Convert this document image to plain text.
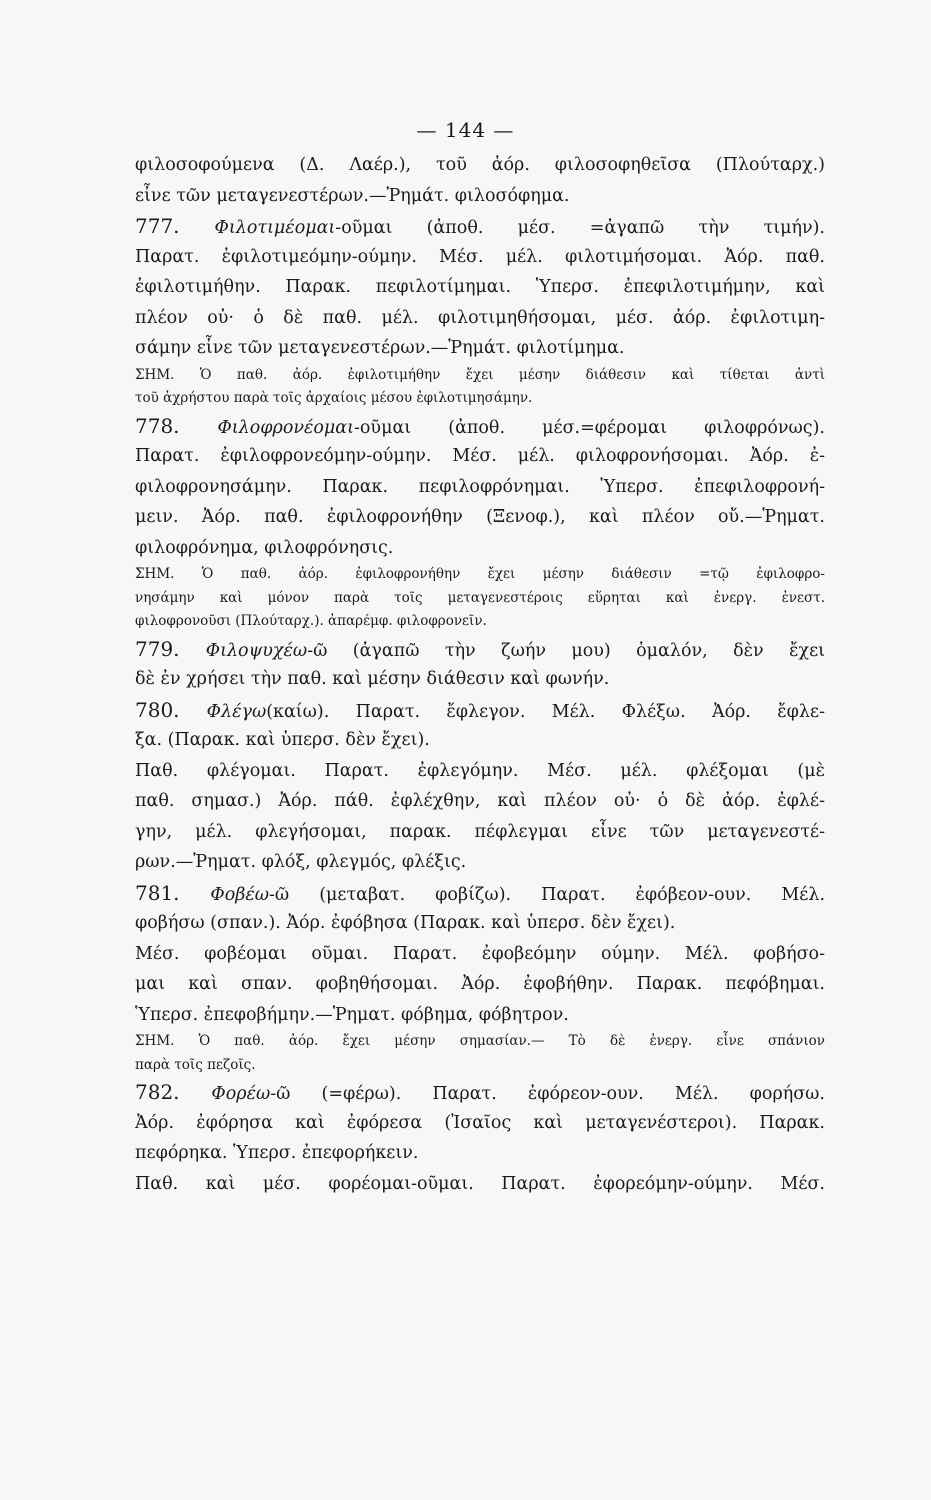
— 144 —
φιλοσοφούμενα (Δ. Λαέρ.), τοῦ ἀόρ. φιλοσοφηθεῖσα (Πλούταρχ.)
εἶνε τῶν μεταγενεστέρων.—Ῥημάτ. φιλοσόφημα.
777. Φιλοτιμέομαι-οῦμαι (ἀποθ. μέσ. =ἀγαπῶ τὴν τιμήν).
Παρατ. ἐφιλοτιμεόμην-ούμην. Μέσ. μέλ. φιλοτιμήσομαι. Ἀόρ. παθ.
ἐφιλοτιμήθην. Παρακ. πεφιλοτίμημαι. Ὑπερσ. ἐπεφιλοτιμήμην, καὶ
πλέον οὐ· ὁ δὲ παθ. μέλ. φιλοτιμηθήσομαι, μέσ. ἀόρ. ἐφιλοτιμη-
σάμην εἶνε τῶν μεταγενεστέρων.—Ῥημάτ. φιλοτίμημα.
ΣΗΜ. Ὁ παθ. ἀόρ. ἐφιλοτιμήθην ἔχει μέσην διάθεσιν καὶ τίθεται ἀντὶ
τοῦ ἀχρήστου παρὰ τοῖς ἀρχαίοις μέσου ἐφιλοτιμησάμην.
778. Φιλοφρονέομαι-οῦμαι (ἀποθ. μέσ.=φέρομαι φιλοφρόνως).
Παρατ. ἐφιλοφρονεόμην-ούμην. Μέσ. μέλ. φιλοφρονήσομαι. Ἀόρ. ἐ-
φιλοφρονησάμην. Παρακ. πεφιλοφρόνημαι. Ὑπερσ. ἐπεφιλοφρονή-
μειν. Ἀόρ. παθ. ἐφιλοφρονήθην (Ξενοφ.), καὶ πλέον οὔ.—Ῥηματ.
φιλοφρόνημα, φιλοφρόνησις.
ΣΗΜ. Ὁ παθ. ἀόρ. ἐφιλοφρονήθην ἔχει μέσην διάθεσιν =τῷ ἐφιλοφρο-
νησάμην καὶ μόνον παρὰ τοῖς μεταγενεστέροις εὕρηται καὶ ἐνεργ. ἐνεστ.
φιλοφρονοῦσι (Πλούταρχ.). ἀπαρέμφ. φιλοφρονεῖν.
779. Φιλοψυχέω-ῶ (ἀγαπῶ τὴν ζωήν μου) ὁμαλόν, δὲν ἔχει
δὲ ἐν χρήσει τὴν παθ. καὶ μέσην διάθεσιν καὶ φωνήν.
780. Φλέγω(καίω). Παρατ. ἔφλεγον. Μέλ. Φλέξω. Ἀόρ. ἔφλε-
ξα. (Παρακ. καὶ ὑπερσ. δὲν ἔχει).
Παθ. φλέγομαι. Παρατ. ἐφλεγόμην. Μέσ. μέλ. φλέξομαι (μὲ
παθ. σημασ.) Ἀόρ. πάθ. ἐφλέχθην, καὶ πλέον οὐ· ὁ δὲ ἀόρ. ἐφλέ-
γην, μέλ. φλεγήσομαι, παρακ. πέφλεγμαι εἶνε τῶν μεταγενεστέ-
ρων.—Ῥηματ. φλόξ, φλεγμός, φλέξις.
781. Φοβέω-ῶ (μεταβατ. φοβίζω). Παρατ. ἐφόβεον-ουν. Μέλ.
φοβήσω (σπαν.). Ἀόρ. ἐφόβησα (Παρακ. καὶ ὑπερσ. δὲν ἔχει).
Μέσ. φοβέομαι οῦμαι. Παρατ. ἐφοβεόμην ούμην. Μέλ. φοβήσο-
μαι καὶ σπαν. φοβηθήσομαι. Ἀόρ. ἐφοβήθην. Παρακ. πεφόβημαι.
Ὑπερσ. ἐπεφοβήμην.—Ῥηματ. φόβημα, φόβητρον.
ΣΗΜ. Ὁ παθ. ἀόρ. ἔχει μέσην σημασίαν.— Τὸ δὲ ἐνεργ. εἶνε σπάνιον
παρὰ τοῖς πεζοῖς.
782. Φορέω-ῶ (=φέρω). Παρατ. ἐφόρεον-ουν. Μέλ. φορήσω.
Ἀόρ. ἐφόρησα καὶ ἐφόρεσα (Ἰσαῖος καὶ μεταγενέστεροι). Παρακ.
πεφόρηκα. Ὑπερσ. ἐπεφορήκειν.
Παθ. καὶ μέσ. φορέομαι-οῦμαι. Παρατ. ἐφορεόμην-ούμην. Μέσ.
